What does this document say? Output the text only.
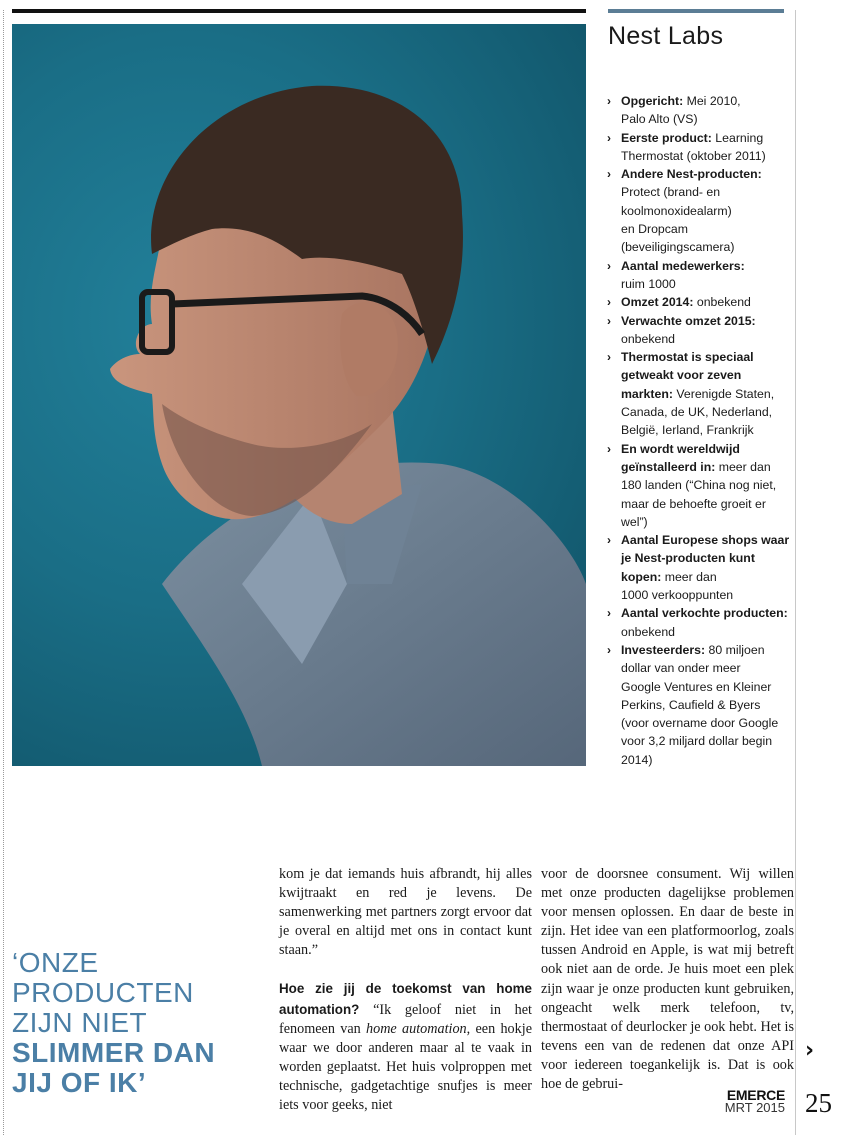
Nest Labs
› Opgericht: Mei 2010,
Palo Alto (VS)
› Eerste product: Learning
Thermostat (oktober 2011)
› Andere Nest-producten:
Protect (brand- en
koolmonoxidealarm)
en Dropcam
(beveiligingscamera)
› Aantal medewerkers:
ruim 1000
› Omzet 2014: onbekend
› Verwachte omzet 2015:
onbekend
› Thermostat is speciaal getweakt voor zeven markten: Verenigde Staten,
Canada, de UK, Nederland,
België, Ierland, Frankrijk
› En wordt wereldwijd geïnstalleerd in: meer dan
180 landen (“China nog niet,
maar de behoefte groeit er
wel”)
› Aantal Europese shops waar je Nest-producten kunt kopen: meer dan
1000 verkooppunten
› Aantal verkochte producten: onbekend
› Investeerders: 80 miljoen
dollar van onder meer
Google Ventures en Kleiner
Perkins, Caufield & Byers
(voor overname door Google
voor 3,2 miljard dollar begin
2014)
‘ONZE PRODUCTEN
ZIJN NIET
SLIMMER DAN
JIJ OF IK’

kom je dat iemands huis afbrandt, hij alles kwijtraakt en red je levens. De samenwerking met partners zorgt ervoor dat je overal en altijd met ons in contact kunt staan.”

Hoe zie jij de toekomst van home automation? “Ik geloof niet in het fenomeen van home automation, een hokje waar we door anderen maar al te vaak in worden geplaatst. Het huis volproppen met technische, gadgetachtige snufjes is meer iets voor geeks, niet

voor de doorsnee consument. Wij willen met onze producten dagelijkse problemen voor mensen oplossen. En daar de beste in zijn. Het idee van een platformoorlog, zoals tussen Android en Apple, is wat mij betreft ook niet aan de orde. Je huis moet een plek zijn waar je onze producten kunt gebruiken, ongeacht welk merk telefoon, tv, thermostaat of deurlocker je ook hebt. Het is tevens een van de redenen dat onze API voor iedereen toegankelijk is. Dat is ook hoe de gebrui-

›
EMERCE
MRT 2015 25
